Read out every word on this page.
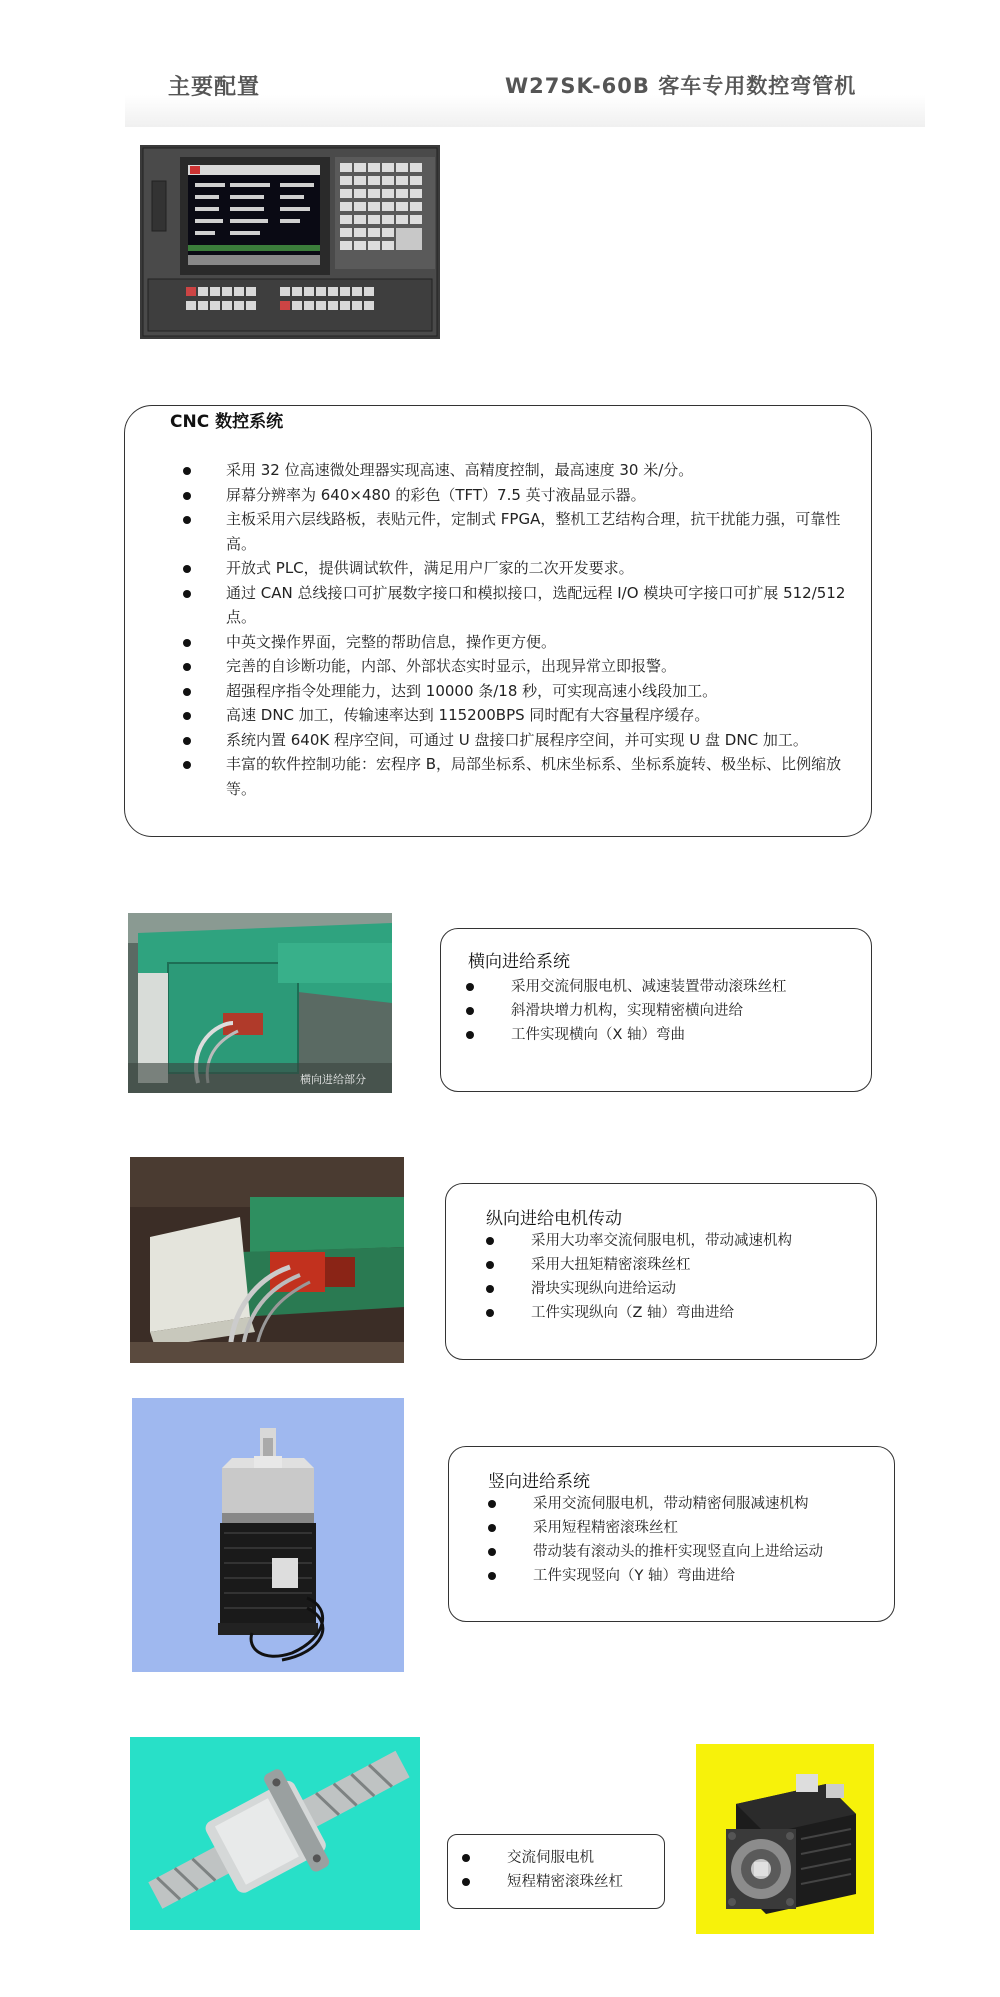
主要配置	W27SK-60B 客车专用数控弯管机
CNC 数控系统
采用 32 位高速微处理器实现高速、高精度控制，最高速度 30 米/分。
屏幕分辨率为 640×480 的彩色（TFT）7.5 英寸液晶显示器。
主板采用六层线路板，表贴元件，定制式 FPGA，整机工艺结构合理，抗干扰能力强，可靠性高。
开放式 PLC，提供调试软件，满足用户厂家的二次开发要求。
通过 CAN 总线接口可扩展数字接口和模拟接口，选配远程 I/O 模块可字接口可扩展 512/512 点。
中英文操作界面，完整的帮助信息，操作更方便。
完善的自诊断功能，内部、外部状态实时显示，出现异常立即报警。
超强程序指令处理能力，达到 10000 条/18 秒，可实现高速小线段加工。
高速 DNC 加工，传输速率达到 115200BPS 同时配有大容量程序缓存。
系统内置 640K 程序空间，可通过 U 盘接口扩展程序空间，并可实现 U 盘 DNC 加工。
丰富的软件控制功能：宏程序 B，局部坐标系、机床坐标系、坐标系旋转、极坐标、比例缩放等。
横向进给部分
横向进给系统
采用交流伺服电机、减速装置带动滚珠丝杠
斜滑块增力机构，实现精密横向进给
工件实现横向（X 轴）弯曲
纵向进给电机传动
采用大功率交流伺服电机，带动减速机构
采用大扭矩精密滚珠丝杠
滑块实现纵向进给运动
工件实现纵向（Z 轴）弯曲进给
竖向进给系统
采用交流伺服电机，带动精密伺服减速机构
采用短程精密滚珠丝杠
带动装有滚动头的推杆实现竖直向上进给运动
工件实现竖向（Y 轴）弯曲进给
交流伺服电机
短程精密滚珠丝杠
